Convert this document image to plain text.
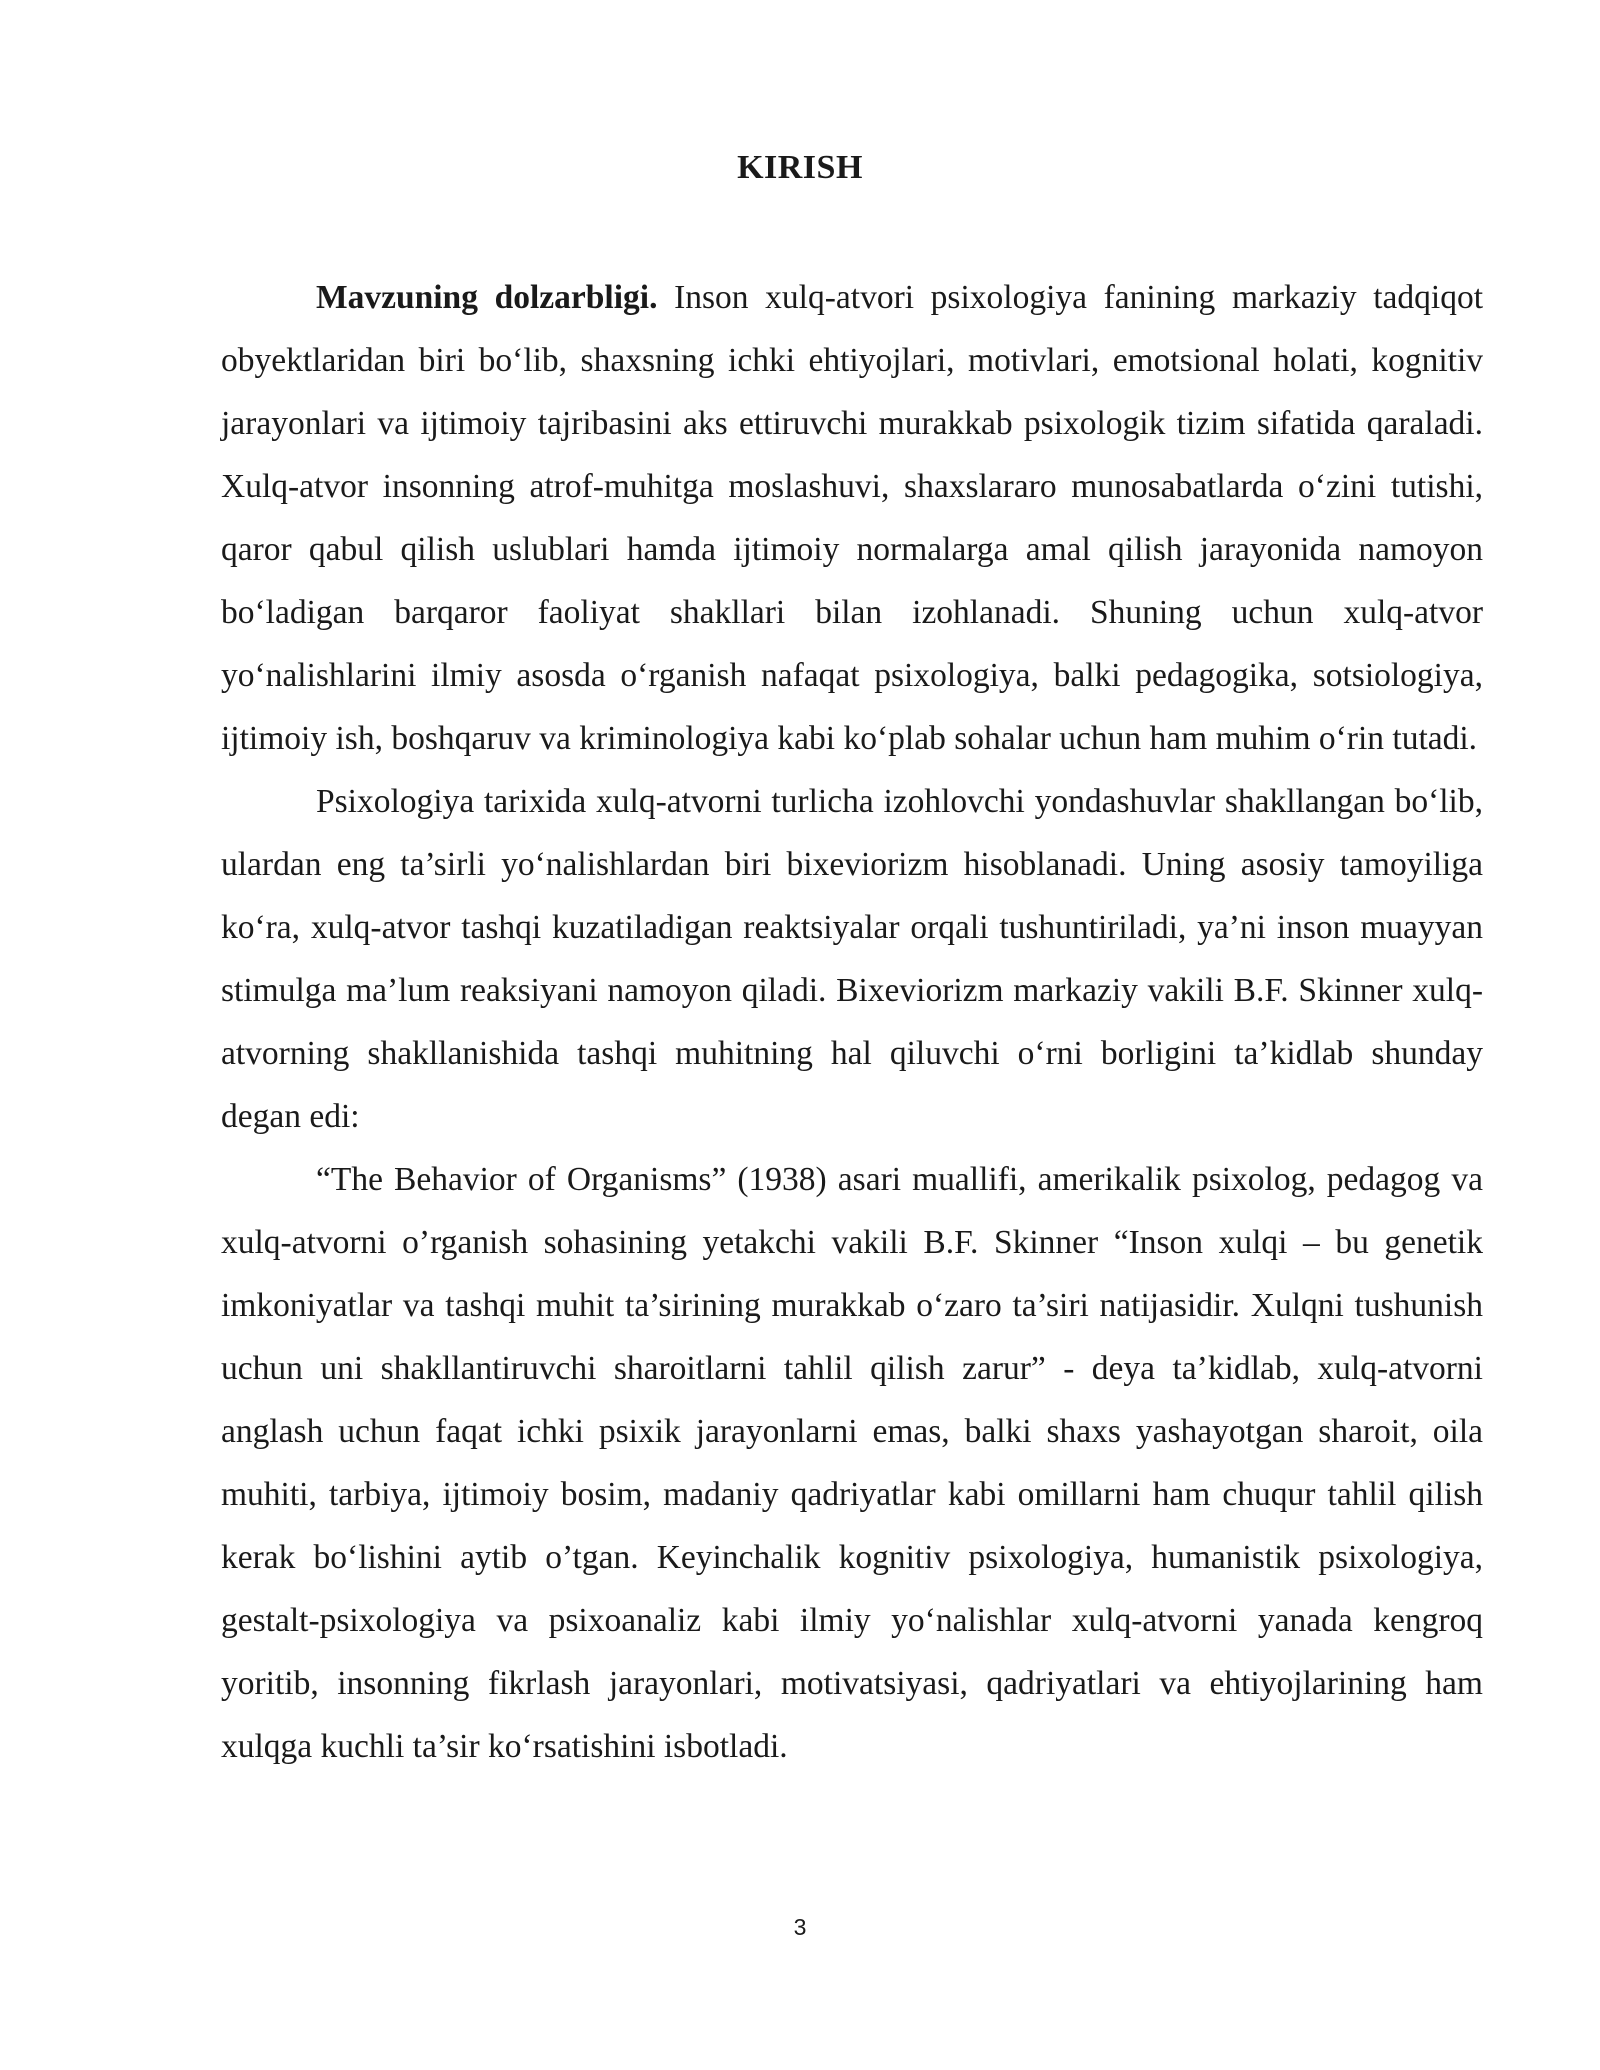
KIRISH

Mavzuning dolzarbligi. Inson xulq-atvori psixologiya fanining markaziy tadqiqot obyektlaridan biri bo‘lib, shaxsning ichki ehtiyojlari, motivlari, emotsional holati, kognitiv jarayonlari va ijtimoiy tajribasini aks ettiruvchi murakkab psixologik tizim sifatida qaraladi. Xulq-atvor insonning atrof-muhitga moslashuvi, shaxslararo munosabatlarda o‘zini tutishi, qaror qabul qilish uslublari hamda ijtimoiy normalarga amal qilish jarayonida namoyon bo‘ladigan barqaror faoliyat shakllari bilan izohlanadi. Shuning uchun xulq-atvor yo‘nalishlarini ilmiy asosda o‘rganish nafaqat psixologiya, balki pedagogika, sotsiologiya, ijtimoiy ish, boshqaruv va kriminologiya kabi ko‘plab sohalar uchun ham muhim o‘rin tutadi.

Psixologiya tarixida xulq-atvorni turlicha izohlovchi yondashuvlar shakllangan bo‘lib, ulardan eng ta’sirli yo‘nalishlardan biri bixeviorizm hisoblanadi. Uning asosiy tamoyiliga ko‘ra, xulq-atvor tashqi kuzatiladigan reaktsiyalar orqali tushuntiriladi, ya’ni inson muayyan stimulga ma’lum reaksiyani namoyon qiladi. Bixeviorizm markaziy vakili B.F. Skinner xulq-atvorning shakllanishida tashqi muhitning hal qiluvchi o‘rni borligini ta’kidlab shunday degan edi:

“The Behavior of Organisms” (1938) asari muallifi, amerikalik psixolog, pedagog va xulq-atvorni o’rganish sohasining yetakchi vakili B.F. Skinner “Inson xulqi – bu genetik imkoniyatlar va tashqi muhit ta’sirining murakkab o‘zaro ta’siri natijasidir. Xulqni tushunish uchun uni shakllantiruvchi sharoitlarni tahlil qilish zarur” - deya ta’kidlab, xulq-atvorni anglash uchun faqat ichki psixik jarayonlarni emas, balki shaxs yashayotgan sharoit, oila muhiti, tarbiya, ijtimoiy bosim, madaniy qadriyatlar kabi omillarni ham chuqur tahlil qilish kerak bo‘lishini aytib o’tgan. Keyinchalik kognitiv psixologiya, humanistik psixologiya, gestalt-psixologiya va psixoanaliz kabi ilmiy yo‘nalishlar xulq-atvorni yanada kengroq yoritib, insonning fikrlash jarayonlari, motivatsiyasi, qadriyatlari va ehtiyojlarining ham xulqga kuchli ta’sir ko‘rsatishini isbotladi.

3
